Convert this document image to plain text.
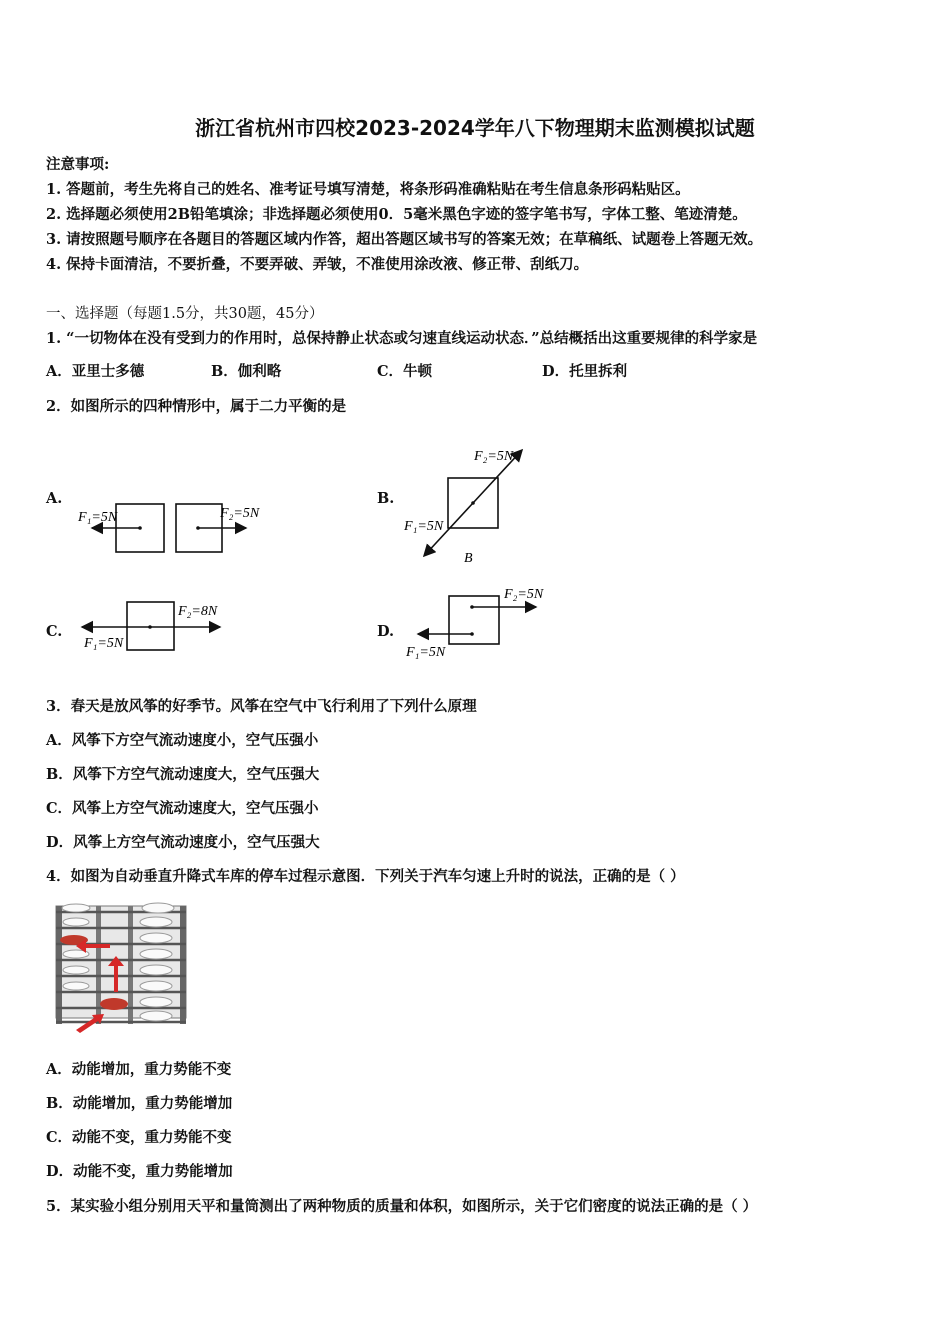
浙江省杭州市四校2023-2024学年八下物理期末监测模拟试题
注意事项:
1. 答题前，考生先将自己的姓名、准考证号填写清楚，将条形码准确粘贴在考生信息条形码粘贴区。
2. 选择题必须使用2B铅笔填涂；非选择题必须使用0．5毫米黑色字迹的签字笔书写，字体工整、笔迹清楚。
3. 请按照题号顺序在各题目的答题区域内作答，超出答题区域书写的答案无效；在草稿纸、试题卷上答题无效。
4. 保持卡面清洁，不要折叠，不要弄破、弄皱，不准使用涂改液、修正带、刮纸刀。
一、选择题（每题1.5分，共30题，45分）
1. “一切物体在没有受到力的作用时，总保持静止状态或匀速直线运动状态．”总结概括出这重要规律的科学家是
A．亚里士多德	B．伽利略	C．牛顿	D．托里拆利
2．如图所示的四种情形中，属于二力平衡的是
A.	B.
C.	D.
F₁=5N	F₂=5N
F₂=5N
F₁=5N
B
F₂=8N
F₁=5N
F₂=5N
F₁=5N
3．春天是放风筝的好季节。风筝在空气中飞行利用了下列什么原理
A．风筝下方空气流动速度小，空气压强小
B．风筝下方空气流动速度大，空气压强大
C．风筝上方空气流动速度大，空气压强小
D．风筝上方空气流动速度小，空气压强大
4．如图为自动垂直升降式车库的停车过程示意图．下列关于汽车匀速上升时的说法，正确的是（ ）
A．动能增加，重力势能不变
B．动能增加，重力势能增加
C．动能不变，重力势能不变
D．动能不变，重力势能增加
5．某实验小组分别用天平和量筒测出了两种物质的质量和体积，如图所示，关于它们密度的说法正确的是（ ）
